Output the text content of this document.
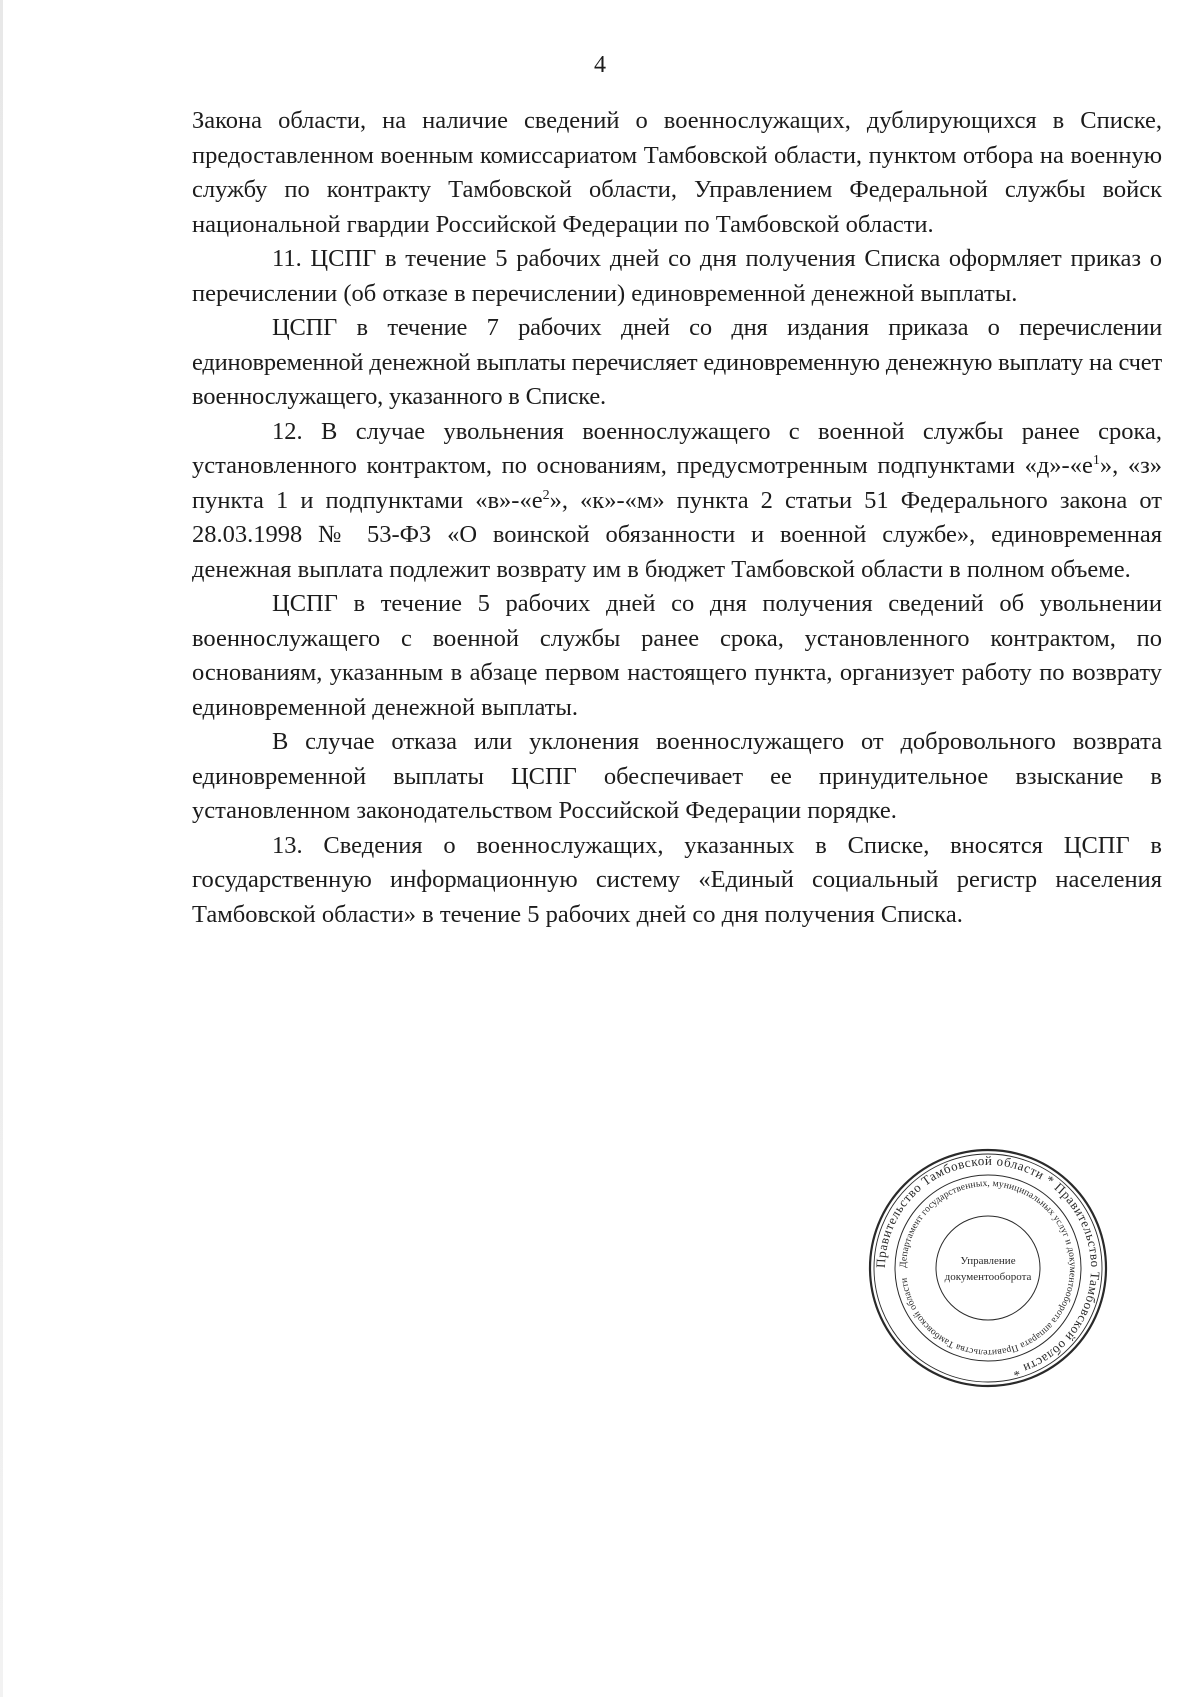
4

Закона области, на наличие сведений о военнослужащих, дублирующихся в Списке, предоставленном военным комиссариатом Тамбовской области, пунктом отбора на военную службу по контракту Тамбовской области, Управлением Федеральной службы войск национальной гвардии Российской Федерации по Тамбовской области.

11. ЦСПГ в течение 5 рабочих дней со дня получения Списка оформляет приказ о перечислении (об отказе в перечислении) единовременной денежной выплаты.

ЦСПГ в течение 7 рабочих дней со дня издания приказа о перечислении единовременной денежной выплаты перечисляет единовременную денежную выплату на счет военнослужащего, указанного в Списке.

12. В случае увольнения военнослужащего с военной службы ранее срока, установленного контрактом, по основаниям, предусмотренным подпунктами «$д»-«е^1$», «з» пункта 1 и подпунктами «$в»-«е^2$», «к»-«м» пункта 2 статьи 51 Федерального закона от 28.03.1998 № 53-ФЗ «О воинской обязанности и военной службе», единовременная денежная выплата подлежит возврату им в бюджет Тамбовской области в полном объеме.

ЦСПГ в течение 5 рабочих дней со дня получения сведений об увольнении военнослужащего с военной службы ранее срока, установленного контрактом, по основаниям, указанным в абзаце первом настоящего пункта, организует работу по возврату единовременной денежной выплаты.

В случае отказа или уклонения военнослужащего от добровольного возврата единовременной выплаты ЦСПГ обеспечивает ее принудительное взыскание в установленном законодательством Российской Федерации порядке.

13. Сведения о военнослужащих, указанных в Списке, вносятся ЦСПГ в государственную информационную систему «Единый социальный регистр населения Тамбовской области» в течение 5 рабочих дней со дня получения Списка.

Правительство Тамбовской области * Правительство Тамбовской области *
Департамент государственных, муниципальных услуг и документооборота аппарата Правительства Тамбовской области
Управление
документооборота
